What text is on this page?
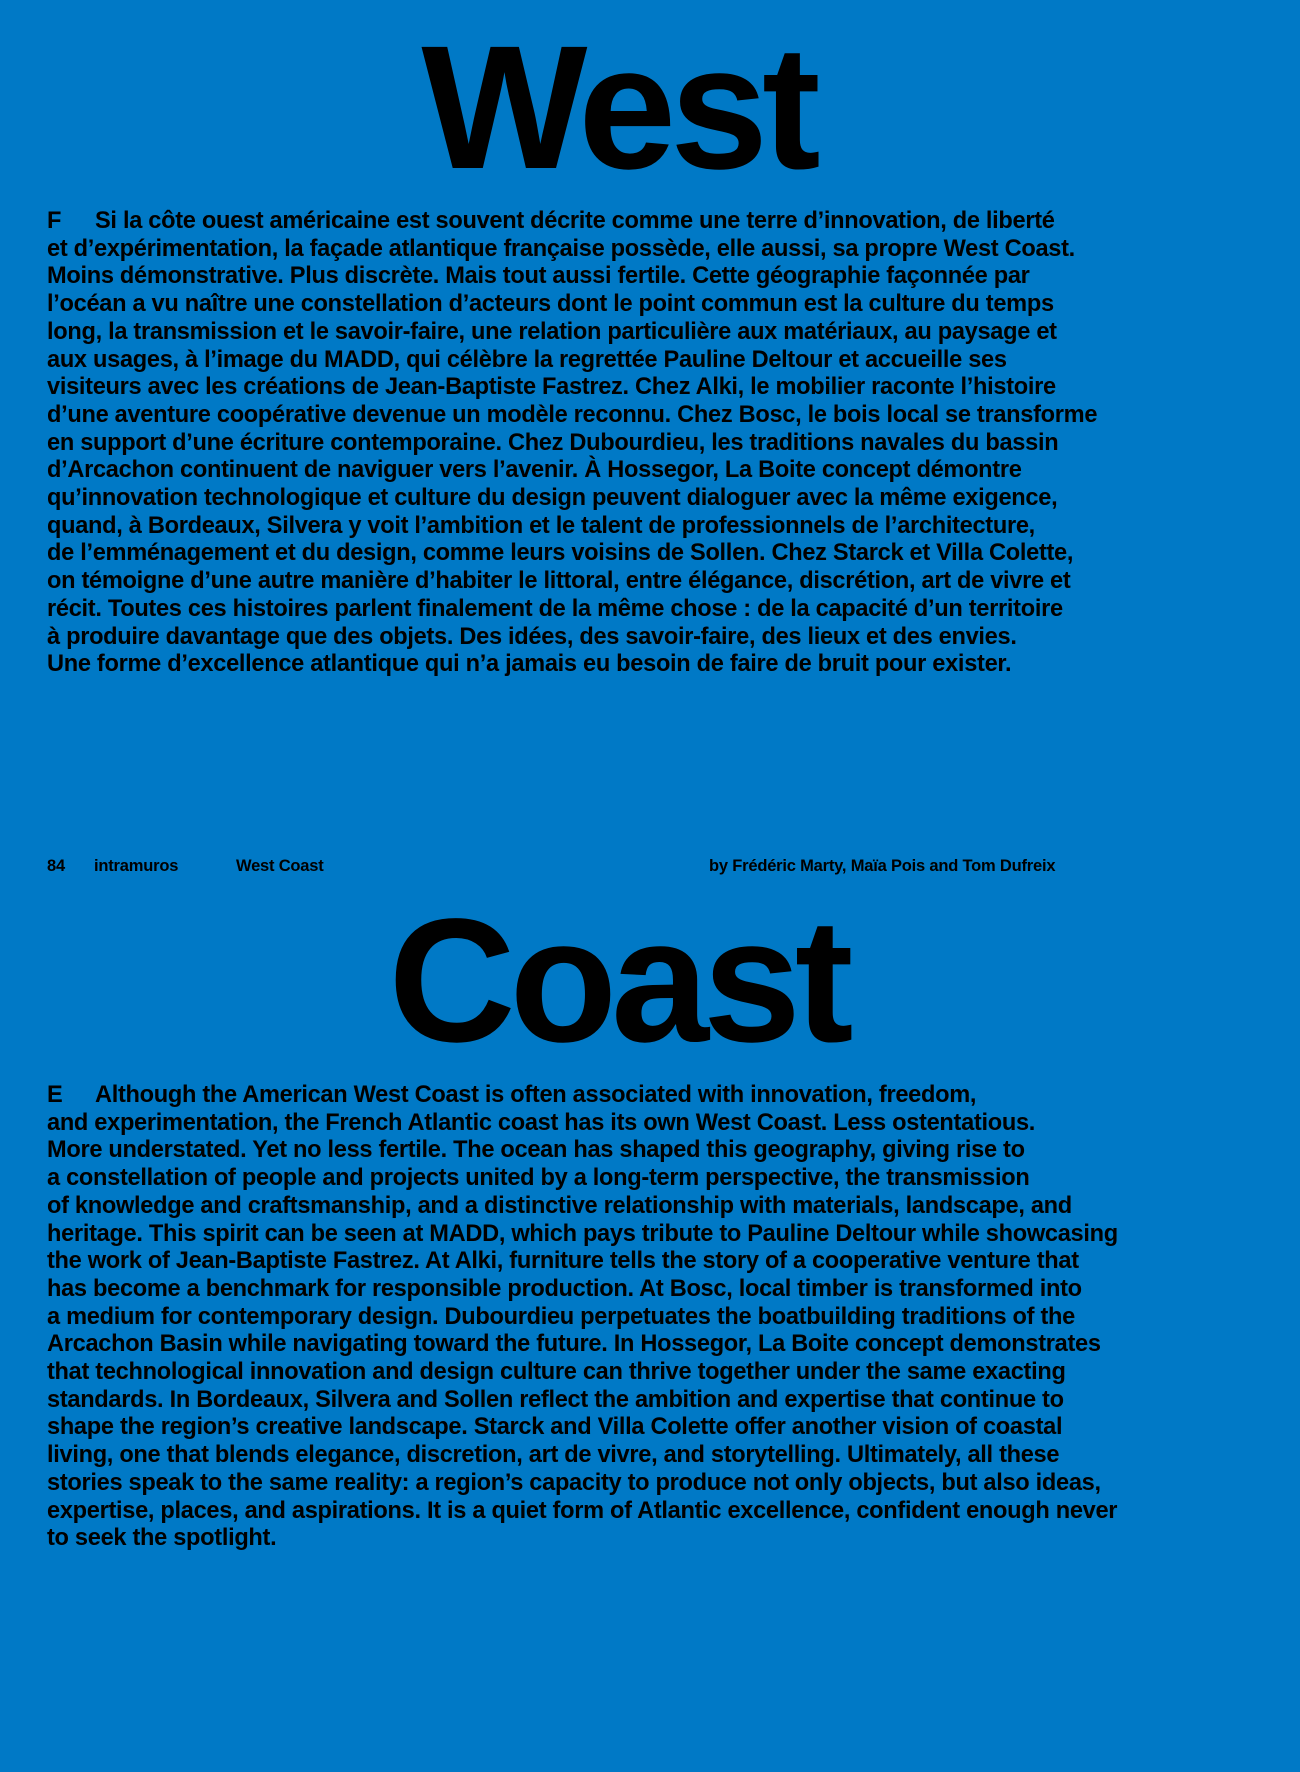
West
F Si la côte ouest américaine est souvent décrite comme une terre d’innovation, de liberté
et d’expérimentation, la façade atlantique française possède, elle aussi, sa propre West Coast.
Moins démonstrative. Plus discrète. Mais tout aussi fertile. Cette géographie façonnée par
l’océan a vu naître une constellation d’acteurs dont le point commun est la culture du temps
long, la transmission et le savoir-faire, une relation particulière aux matériaux, au paysage et
aux usages, à l’image du MADD, qui célèbre la regrettée Pauline Deltour et accueille ses
visiteurs avec les créations de Jean-Baptiste Fastrez. Chez Alki, le mobilier raconte l’histoire
d’une aventure coopérative devenue un modèle reconnu. Chez Bosc, le bois local se transforme
en support d’une écriture contemporaine. Chez Dubourdieu, les traditions navales du bassin
d’Arcachon continuent de naviguer vers l’avenir. À Hossegor, La Boite concept démontre
qu’innovation technologique et culture du design peuvent dialoguer avec la même exigence,
quand, à Bordeaux, Silvera y voit l’ambition et le talent de professionnels de l’architecture,
de l’emménagement et du design, comme leurs voisins de Sollen. Chez Starck et Villa Colette,
on témoigne d’une autre manière d’habiter le littoral, entre élégance, discrétion, art de vivre et
récit. Toutes ces histoires parlent finalement de la même chose : de la capacité d’un territoire
à produire davantage que des objets. Des idées, des savoir-faire, des lieux et des envies.
Une forme d’excellence atlantique qui n’a jamais eu besoin de faire de bruit pour exister.
84 intramuros	West Coast	by Frédéric Marty, Maïa Pois and Tom Dufreix
Coast
E Although the American West Coast is often associated with innovation, freedom,
and experimentation, the French Atlantic coast has its own West Coast. Less ostentatious.
More understated. Yet no less fertile. The ocean has shaped this geography, giving rise to
a constellation of people and projects united by a long-term perspective, the transmission
of knowledge and craftsmanship, and a distinctive relationship with materials, landscape, and
heritage. This spirit can be seen at MADD, which pays tribute to Pauline Deltour while showcasing
the work of Jean-Baptiste Fastrez. At Alki, furniture tells the story of a cooperative venture that
has become a benchmark for responsible production. At Bosc, local timber is transformed into
a medium for contemporary design. Dubourdieu perpetuates the boatbuilding traditions of the
Arcachon Basin while navigating toward the future. In Hossegor, La Boite concept demonstrates
that technological innovation and design culture can thrive together under the same exacting
standards. In Bordeaux, Silvera and Sollen reflect the ambition and expertise that continue to
shape the region’s creative landscape. Starck and Villa Colette offer another vision of coastal
living, one that blends elegance, discretion, art de vivre, and storytelling. Ultimately, all these
stories speak to the same reality: a region’s capacity to produce not only objects, but also ideas,
expertise, places, and aspirations. It is a quiet form of Atlantic excellence, confident enough never
to seek the spotlight.
